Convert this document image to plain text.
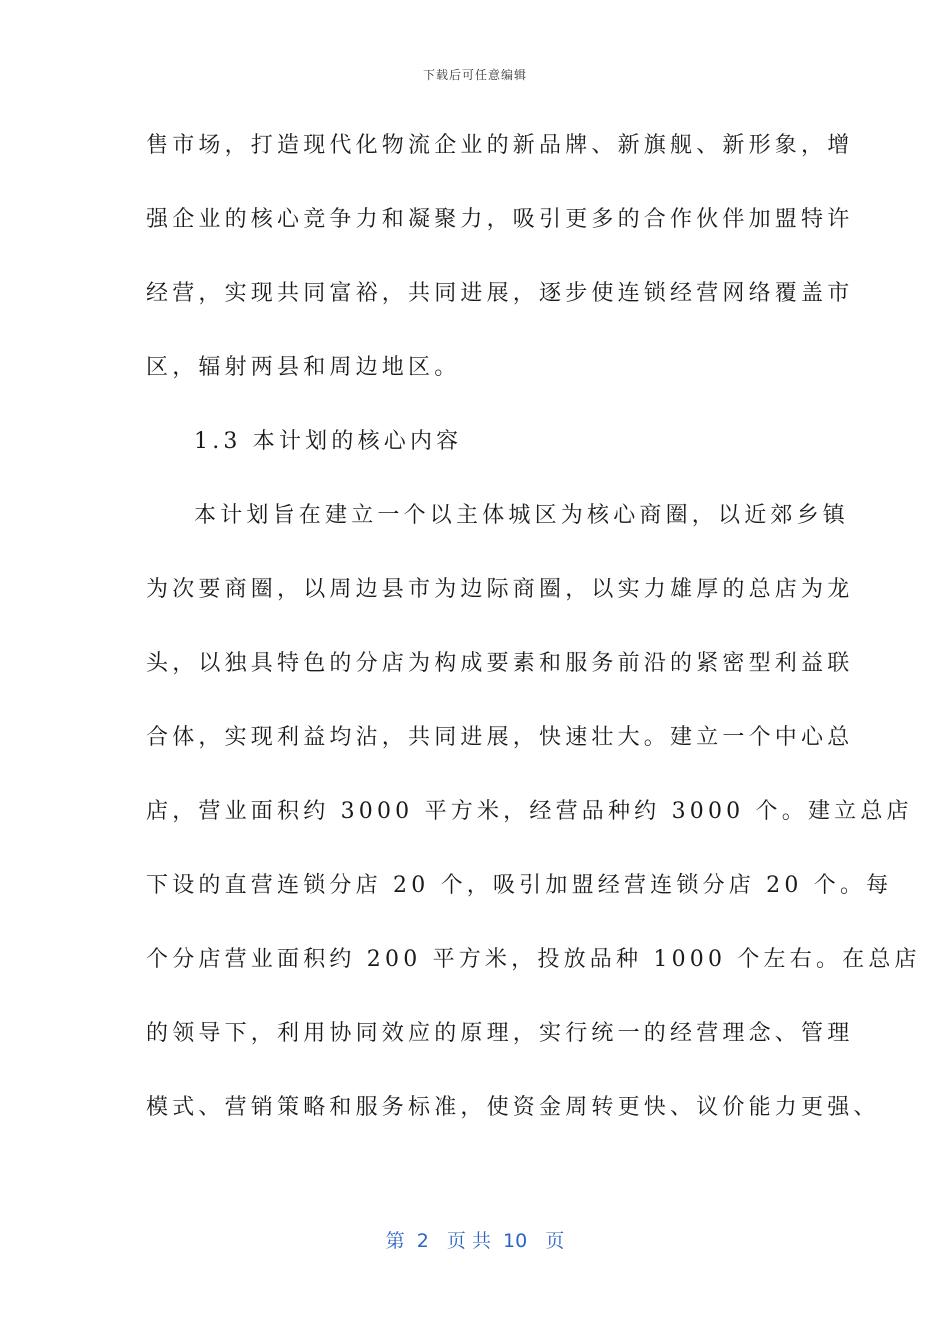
下载后可任意编辑
售市场，打造现代化物流企业的新品牌、新旗舰、新形象，增
强企业的核心竞争力和凝聚力，吸引更多的合作伙伴加盟特许
经营，实现共同富裕，共同进展，逐步使连锁经营网络覆盖市
区，辐射两县和周边地区。
1.3 本计划的核心内容
本计划旨在建立一个以主体城区为核心商圈，以近郊乡镇
为次要商圈，以周边县市为边际商圈，以实力雄厚的总店为龙
头，以独具特色的分店为构成要素和服务前沿的紧密型利益联
合体，实现利益均沾，共同进展，快速壮大。建立一个中心总
店，营业面积约 3000 平方米，经营品种约 3000 个。建立总店
下设的直营连锁分店 20 个，吸引加盟经营连锁分店 20 个。每
个分店营业面积约 200 平方米，投放品种 1000 个左右。在总店
的领导下，利用协同效应的原理，实行统一的经营理念、管理
模式、营销策略和服务标准，使资金周转更快、议价能力更强、
第  2   页 共  10   页
